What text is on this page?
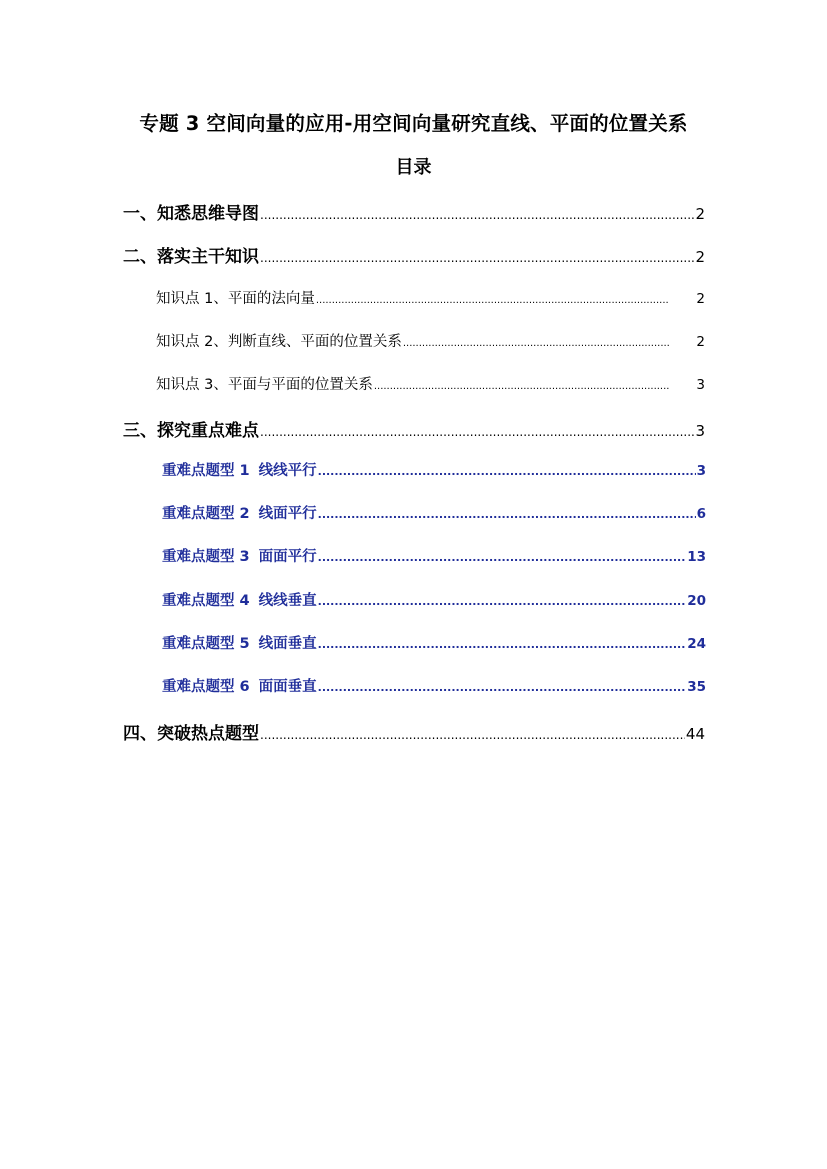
专题 3 空间向量的应用-用空间向量研究直线、平面的位置关系
目录
一、知悉思维导图 .....	2
二、落实主干知识 .....	2
知识点 1、平面的法向量 .....	2
知识点 2、判断直线、平面的位置关系 .....	2
知识点 3、平面与平面的位置关系 .....	3
三、探究重点难点 .....	3
重难点题型 1 线线平行 .....	3
重难点题型 2 线面平行 .....	6
重难点题型 3 面面平行 .....	13
重难点题型 4 线线垂直 .....	20
重难点题型 5 线面垂直 .....	24
重难点题型 6 面面垂直 .....	35
四、突破热点题型 .....	44
